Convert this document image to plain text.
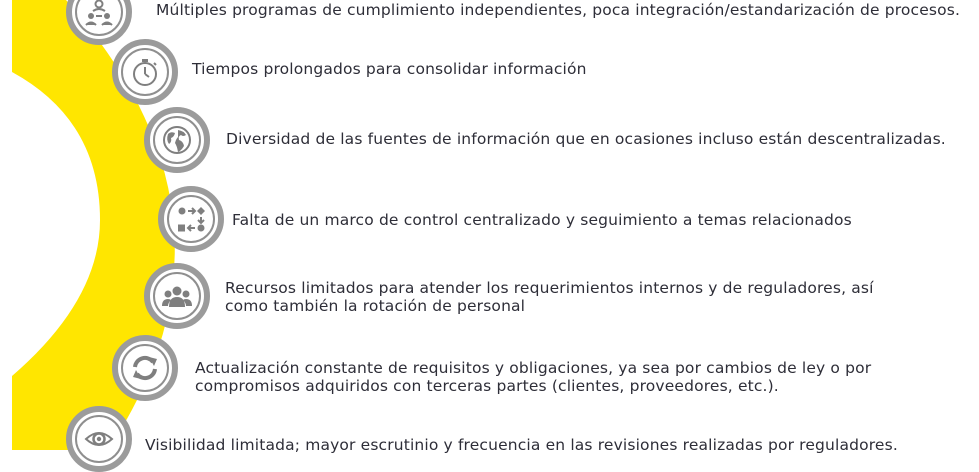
Múltiples programas de cumplimiento independientes, poca integración/estandarización de procesos.
Tiempos prolongados para consolidar información
Diversidad de las fuentes de información que en ocasiones incluso están descentralizadas.
Falta de un marco de control centralizado y seguimiento a temas relacionados
Recursos limitados para atender los requerimientos internos y de reguladores, así
como también la rotación de personal
Actualización constante de requisitos y obligaciones, ya sea por cambios de ley o por
compromisos adquiridos con terceras partes (clientes, proveedores, etc.).
Visibilidad limitada; mayor escrutinio y frecuencia en las revisiones realizadas por reguladores.
